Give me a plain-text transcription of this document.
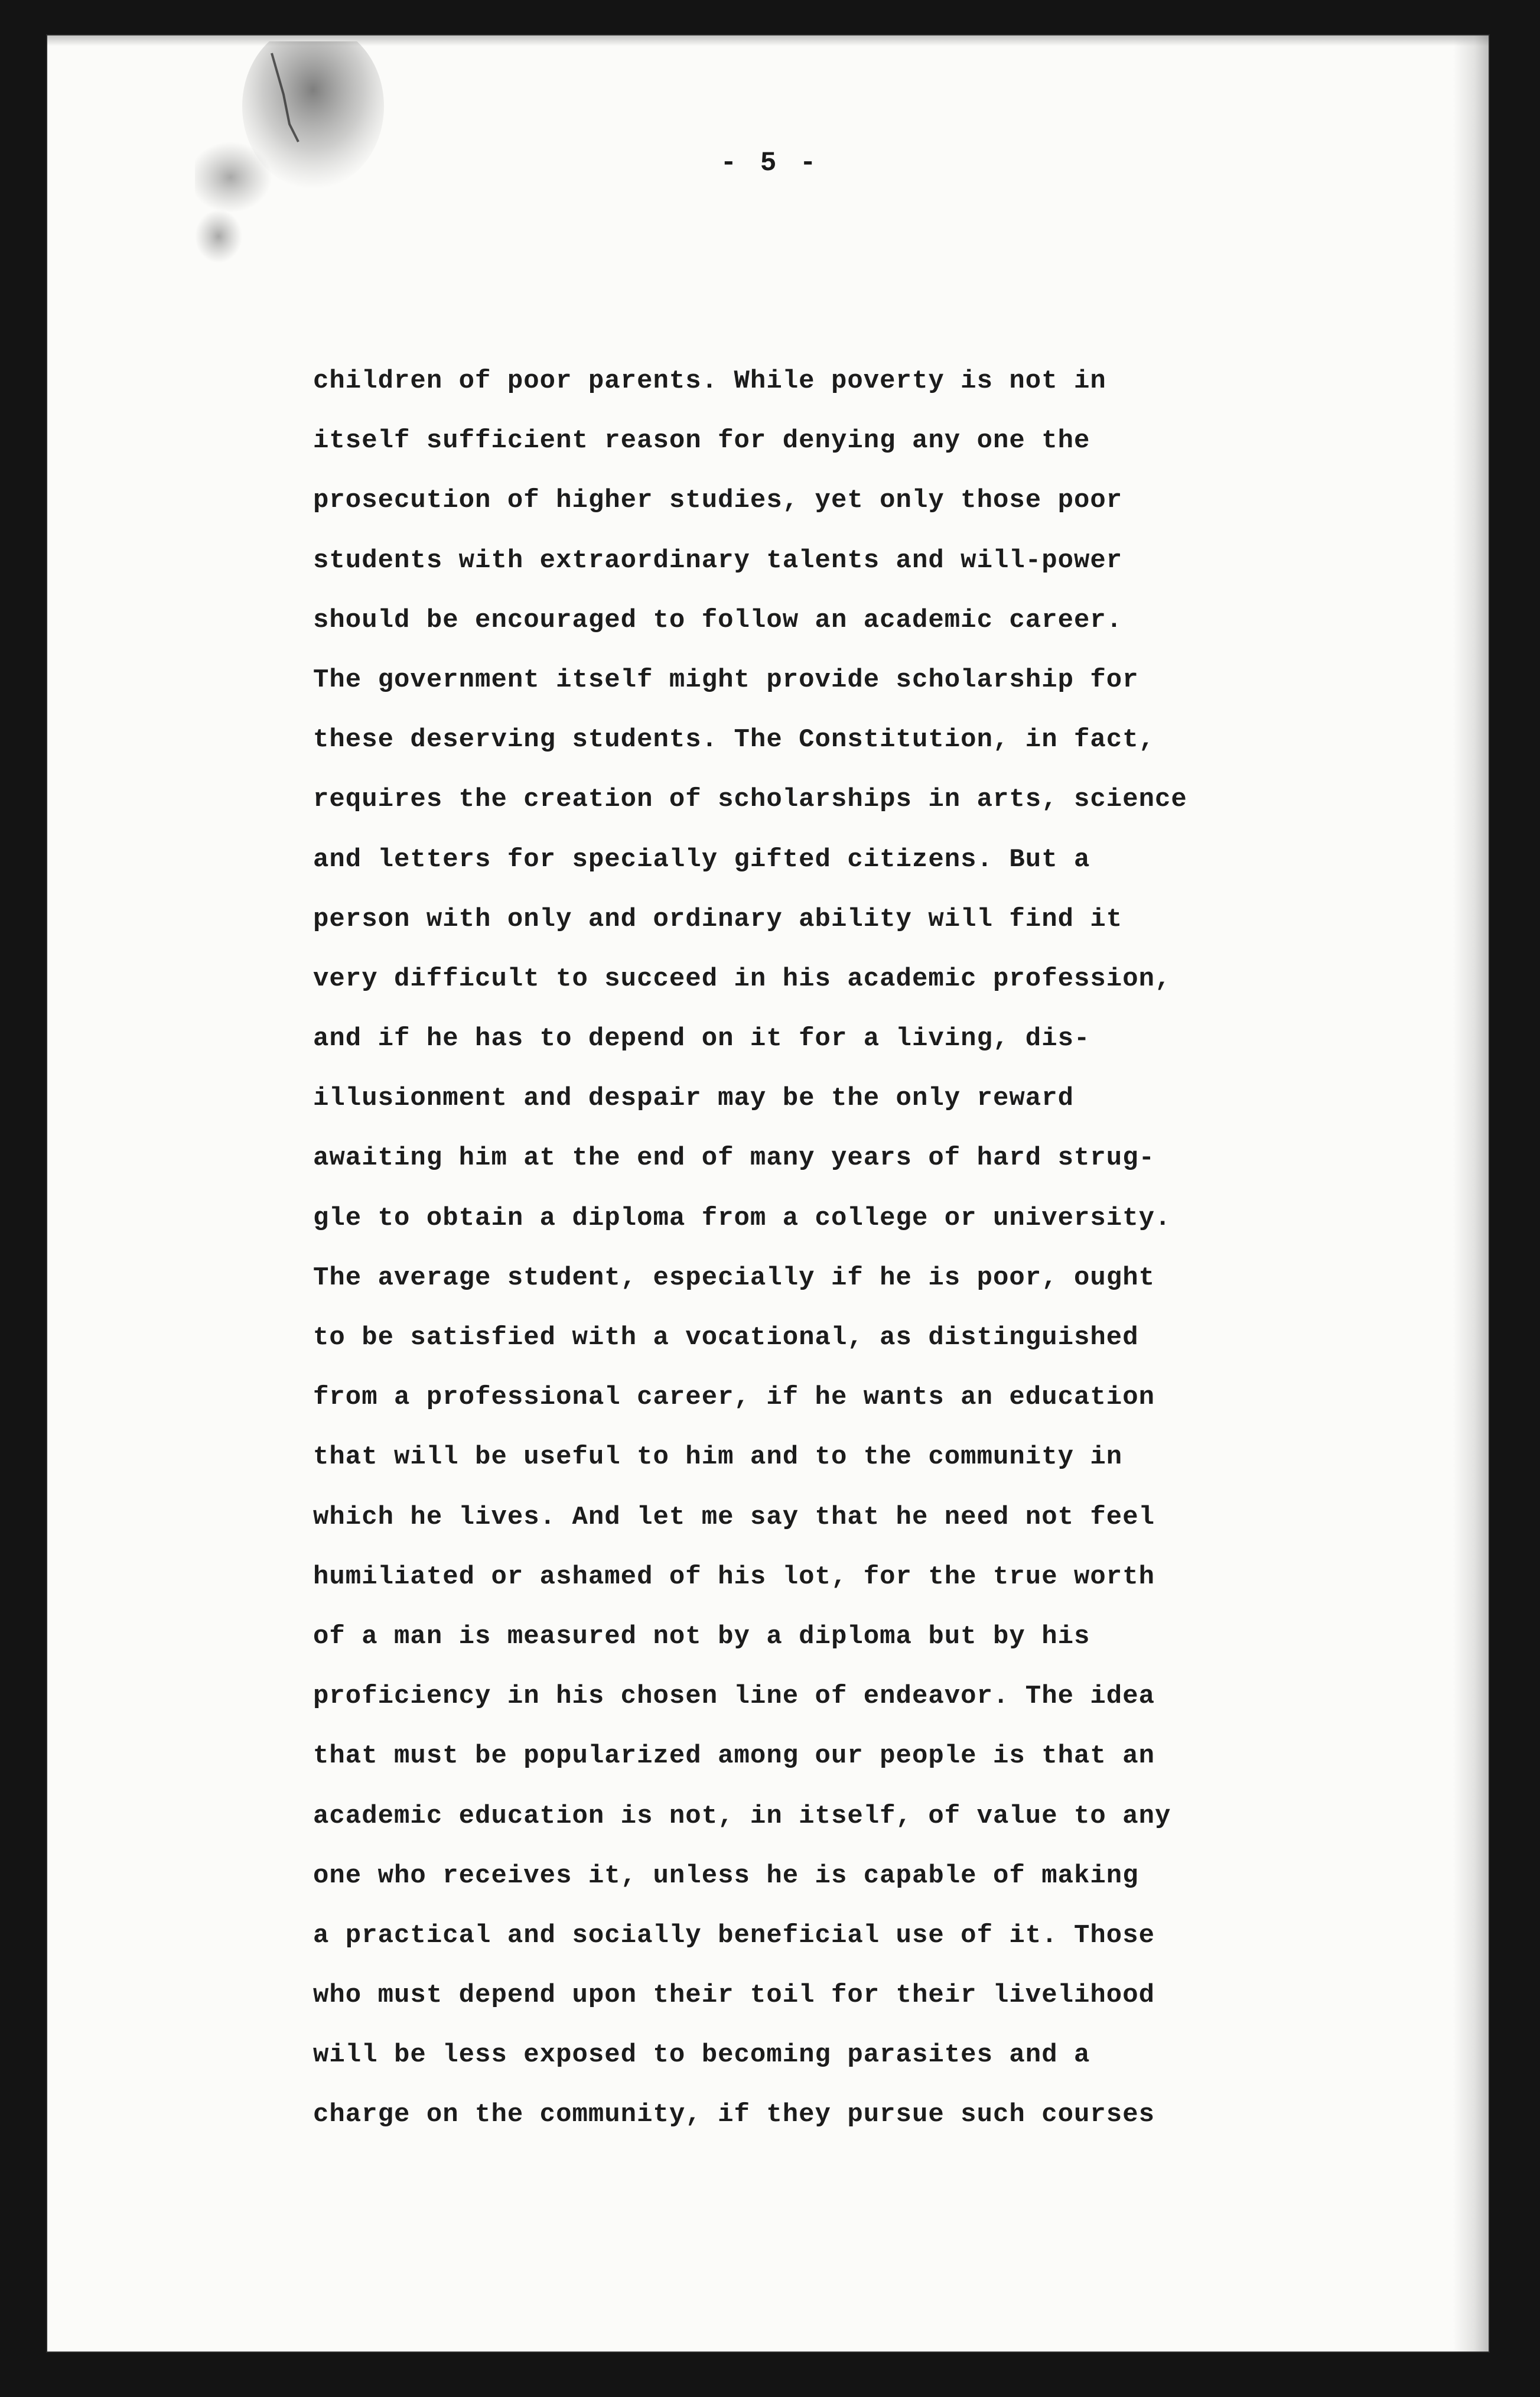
- 5 -
children of poor parents. While poverty is not in
itself sufficient reason for denying any one the
prosecution of higher studies, yet only those poor
students with extraordinary talents and will-power
should be encouraged to follow an academic career.
The government itself might provide scholarship for
these deserving students. The Constitution, in fact,
requires the creation of scholarships in arts, science
and letters for specially gifted citizens. But a
person with only and ordinary ability will find it
very difficult to succeed in his academic profession,
and if he has to depend on it for a living, dis-
illusionment and despair may be the only reward
awaiting him at the end of many years of hard strug-
gle to obtain a diploma from a college or university.
The average student, especially if he is poor, ought
to be satisfied with a vocational, as distinguished
from a professional career, if he wants an education
that will be useful to him and to the community in
which he lives. And let me say that he need not feel
humiliated or ashamed of his lot, for the true worth
of a man is measured not by a diploma but by his
proficiency in his chosen line of endeavor. The idea
that must be popularized among our people is that an
academic education is not, in itself, of value to any
one who receives it, unless he is capable of making
a practical and socially beneficial use of it. Those
who must depend upon their toil for their livelihood
will be less exposed to becoming parasites and a
charge on the community, if they pursue such courses
